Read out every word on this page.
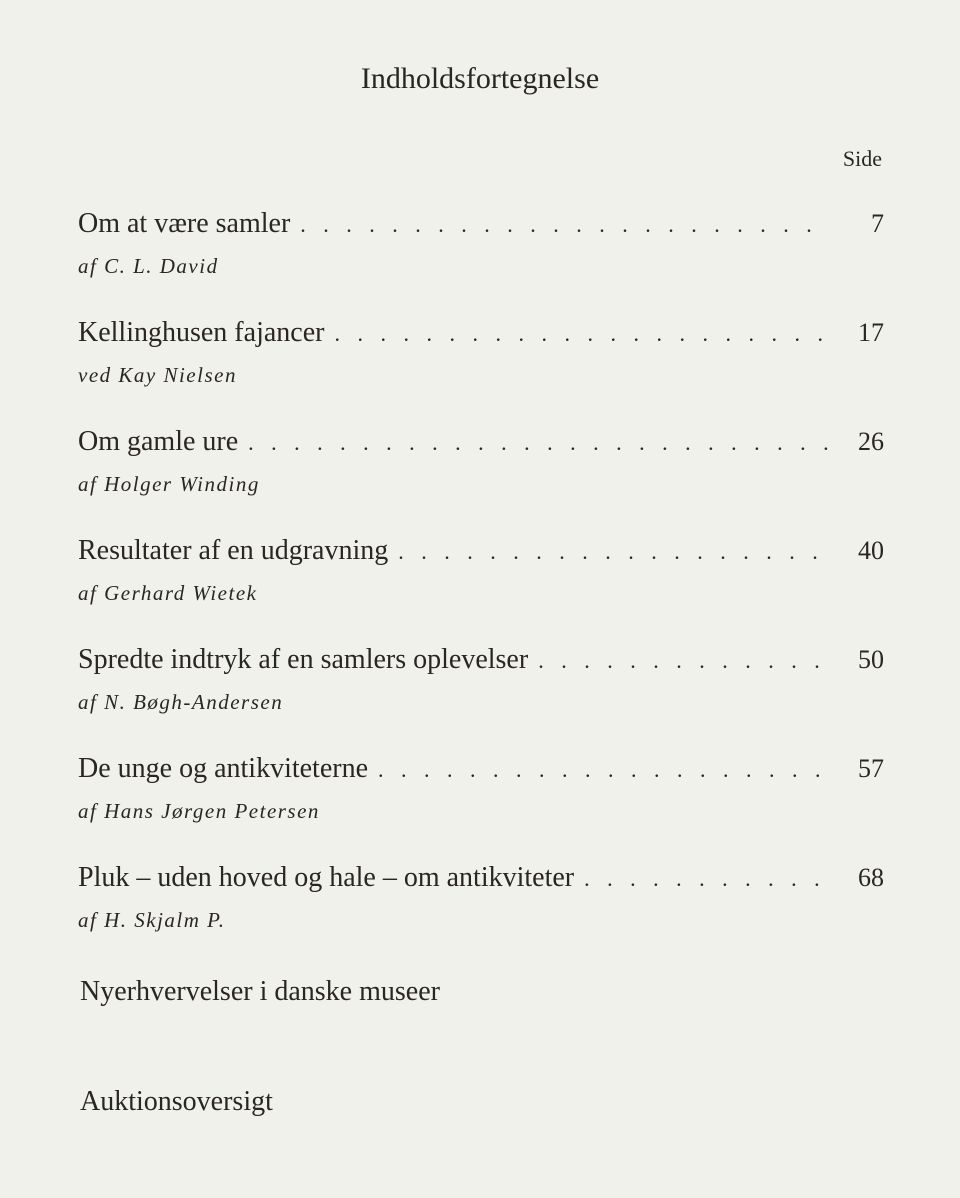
Indholdsfortegnelse
Side
Om at være samler . . .	7
af C. L. David
Kellinghusen fajancer . . .	17
ved Kay Nielsen
Om gamle ure . . .	26
af Holger Winding
Resultater af en udgravning . . .	40
af Gerhard Wietek
Spredte indtryk af en samlers oplevelser . . .	50
af N. Bøgh-Andersen
De unge og antikviteterne . . .	57
af Hans Jørgen Petersen
Pluk – uden hoved og hale – om antikviteter . . .	68
af H. Skjalm P.
Nyerhvervelser i danske museer
Auktionsoversigt
